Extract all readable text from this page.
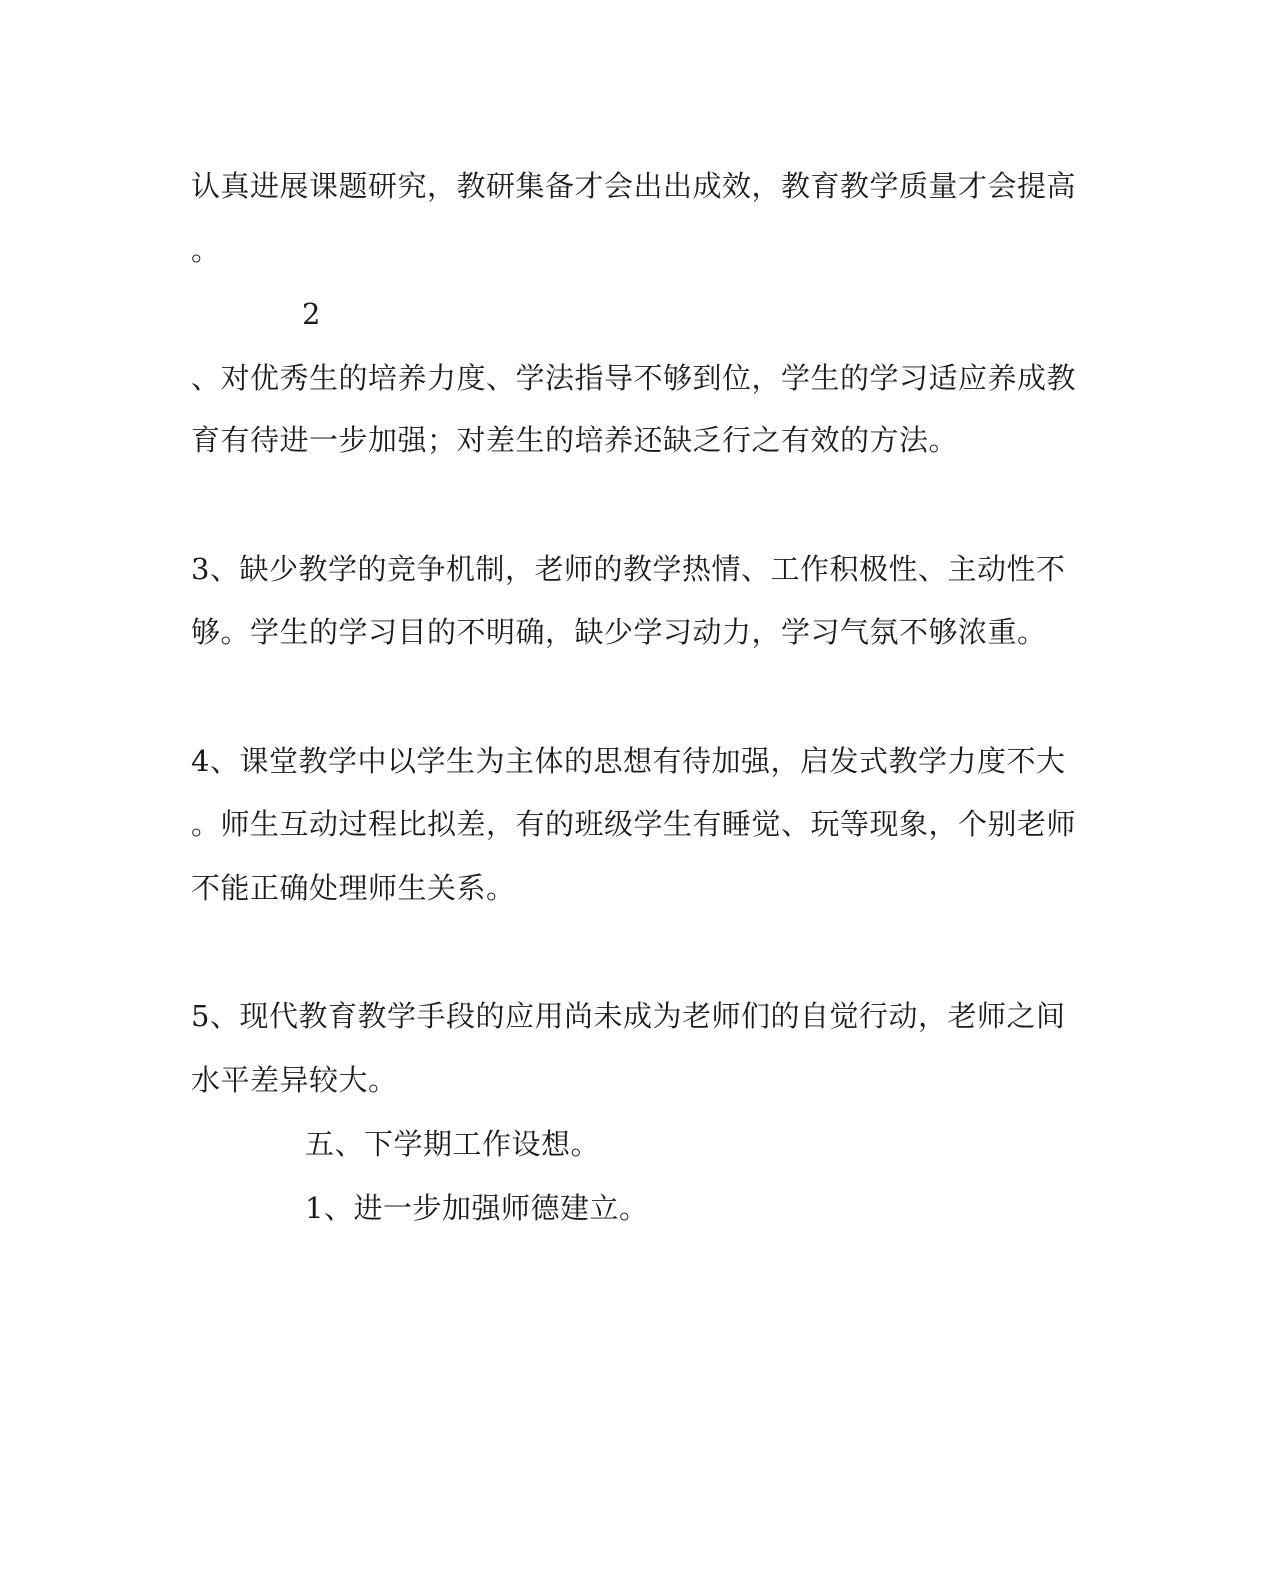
认真进展课题研究，教研集备才会出出成效，教育教学质量才会提高
。
2
、对优秀生的培养力度、学法指导不够到位，学生的学习适应养成教
育有待进一步加强；对差生的培养还缺乏行之有效的方法。
3、缺少教学的竞争机制，老师的教学热情、工作积极性、主动性不
够。学生的学习目的不明确，缺少学习动力，学习气氛不够浓重。
4、课堂教学中以学生为主体的思想有待加强，启发式教学力度不大
。师生互动过程比拟差，有的班级学生有睡觉、玩等现象，个别老师
不能正确处理师生关系。
5、现代教育教学手段的应用尚未成为老师们的自觉行动，老师之间
水平差异较大。
五、下学期工作设想。
1、进一步加强师德建立。
